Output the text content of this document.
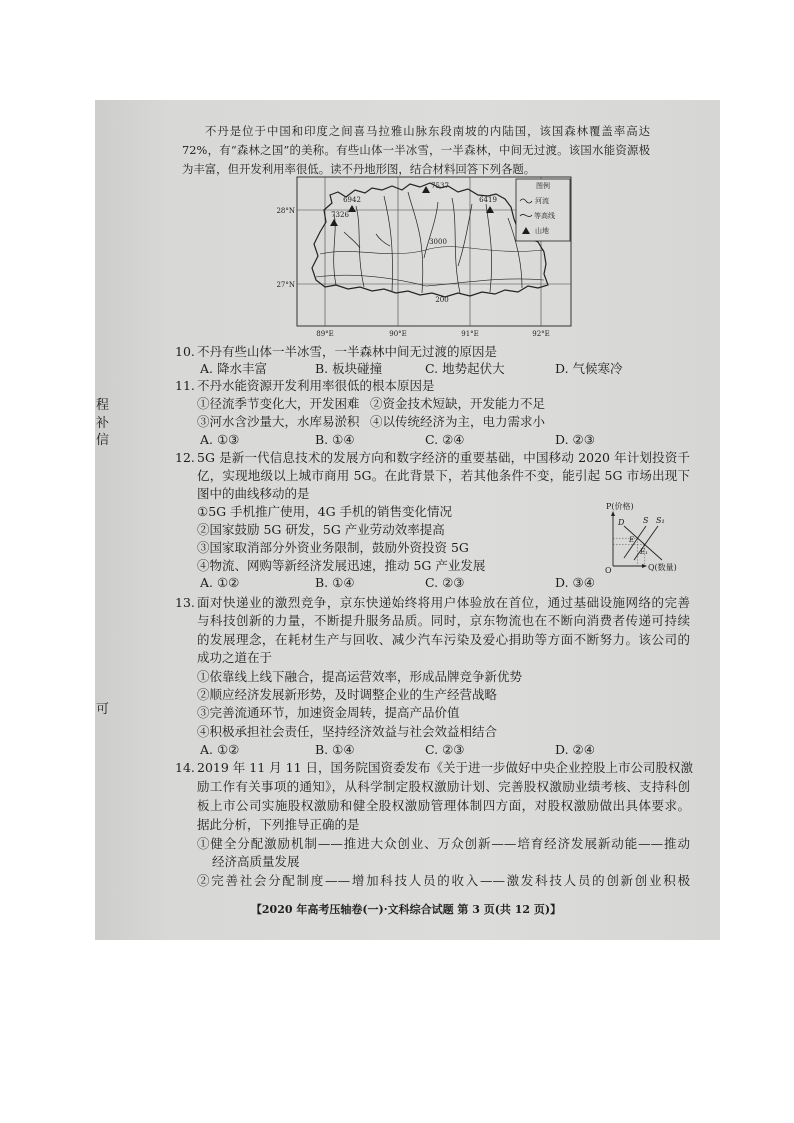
程
补
信
可
不丹是位于中国和印度之间喜马拉雅山脉东段南坡的内陆国，该国森林覆盖率高达
72%，有“森林之国”的美称。有些山体一半冰雪，一半森林，中间无过渡。该国水能资源极
为丰富，但开发利用率很低。读不丹地形图，结合材料回答下列各题。
7537
6942
7326
6419
3000
200
图例
河流
等高线
山地
28°N
27°N
89°E	90°E	91°E	92°E
10. 不丹有些山体一半冰雪，一半森林中间无过渡的原因是
A. 降水丰富	B. 板块碰撞	C. 地势起伏大	D. 气候寒冷
11. 不丹水能资源开发利用率很低的根本原因是
①径流季节变化大，开发困难 ②资金技术短缺，开发能力不足
③河水含沙量大，水库易淤积 ④以传统经济为主，电力需求小
A. ①③	B. ①④	C. ②④	D. ②③
12. 5G 是新一代信息技术的发展方向和数字经济的重要基础，中国移动 2020 年计划投资千
亿，实现地级以上城市商用 5G。在此背景下，若其他条件不变，能引起 5G 市场出现下
图中的曲线移动的是
①5G 手机推广使用，4G 手机的销售变化情况
②国家鼓励 5G 研发，5G 产业劳动效率提高
③国家取消部分外资业务限制，鼓励外资投资 5G
④物流、网购等新经济发展迅速，推动 5G 产业发展
A. ①②	B. ①④	C. ②③	D. ③④
P(价格)
O	Q(数量)
D S S₁
E
E₁
13. 面对快递业的激烈竞争，京东快递始终将用户体验放在首位，通过基础设施网络的完善
与科技创新的力量，不断提升服务品质。同时，京东物流也在不断向消费者传递可持续
的发展理念，在耗材生产与回收、减少汽车污染及爱心捐助等方面不断努力。该公司的
成功之道在于
①依靠线上线下融合，提高运营效率，形成品牌竞争新优势
②顺应经济发展新形势，及时调整企业的生产经营战略
③完善流通环节，加速资金周转，提高产品价值
④积极承担社会责任，坚持经济效益与社会效益相结合
A. ①②	B. ①④	C. ②③	D. ②④
14. 2019 年 11 月 11 日，国务院国资委发布《关于进一步做好中央企业控股上市公司股权激
励工作有关事项的通知》，从科学制定股权激励计划、完善股权激励业绩考核、支持科创
板上市公司实施股权激励和健全股权激励管理体制四方面，对股权激励做出具体要求。
据此分析，下列推导正确的是
①健全分配激励机制——推进大众创业、万众创新——培育经济发展新动能——推动
经济高质量发展
②完善社会分配制度——增加科技人员的收入——激发科技人员的创新创业积极
【2020 年高考压轴卷(一)·文科综合试题 第 3 页(共 12 页)】
